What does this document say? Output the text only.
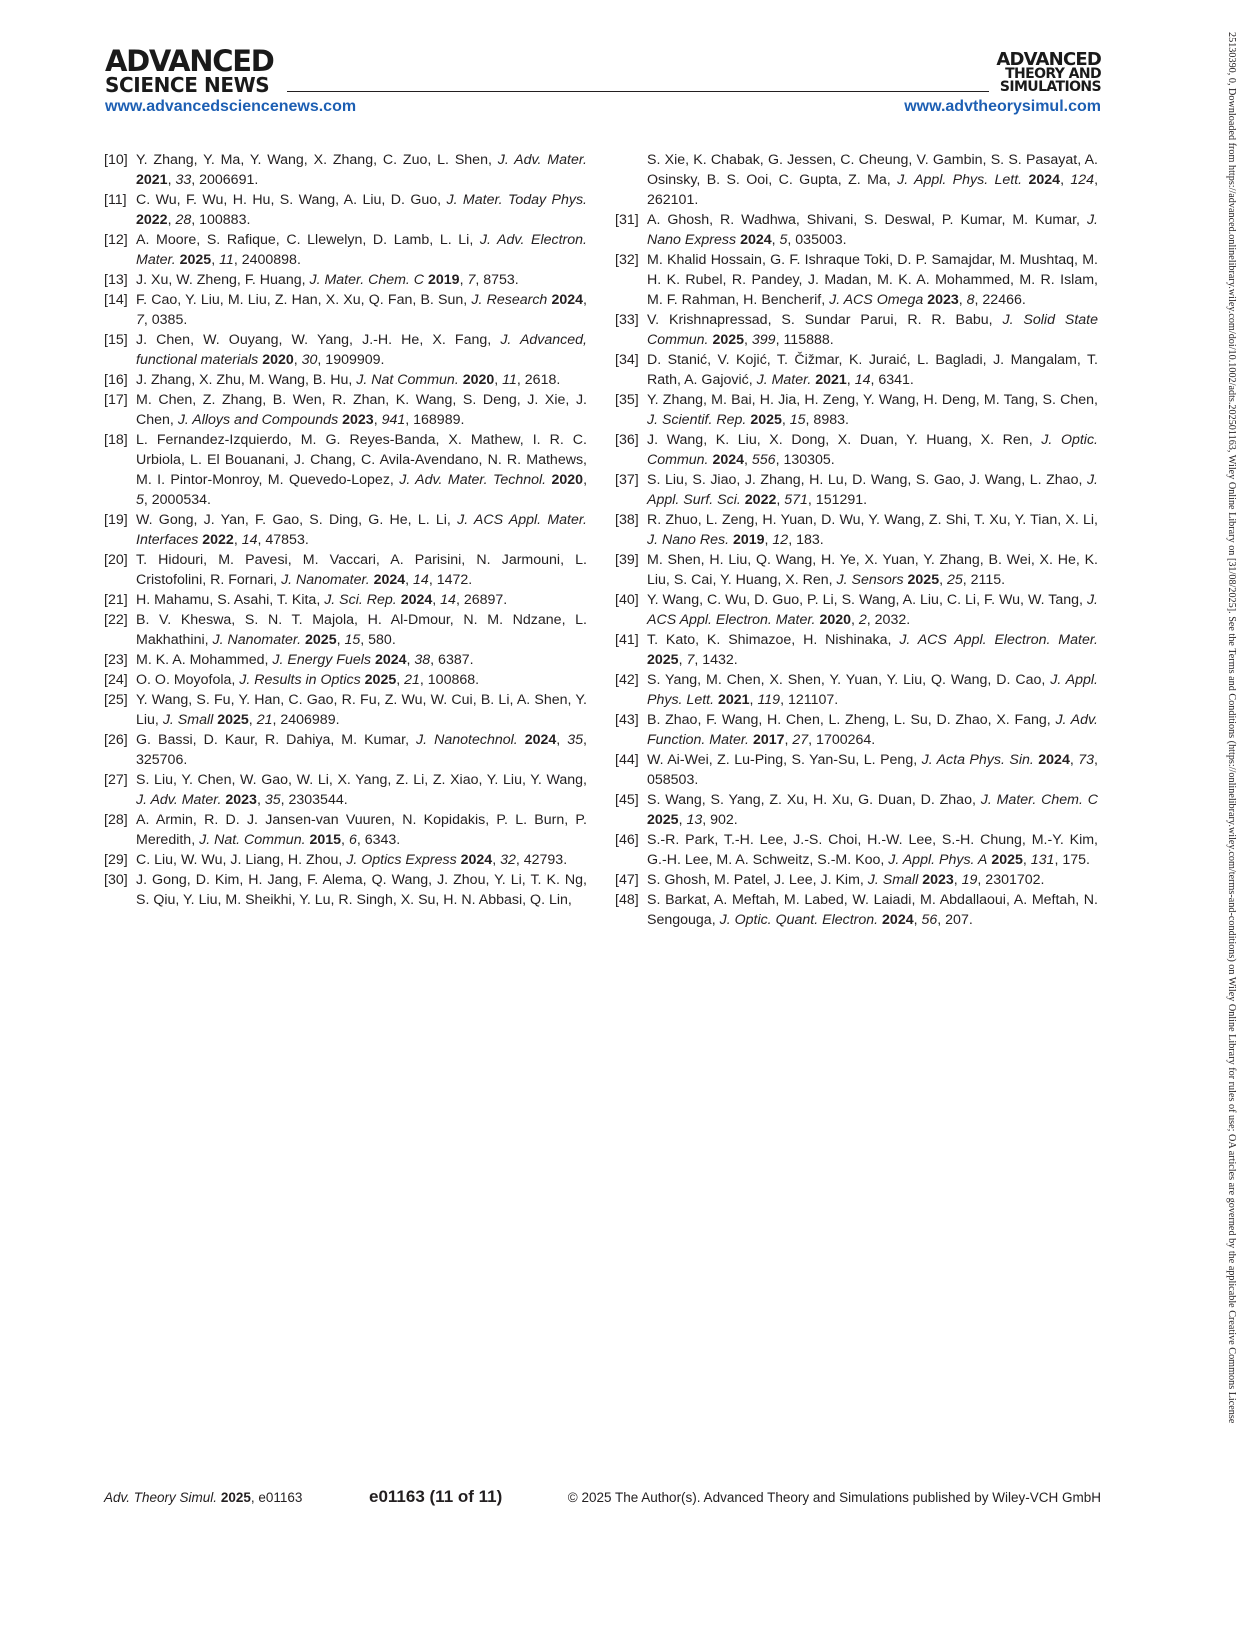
ADVANCED
SCIENCE NEWS
ADVANCED
THEORY AND
SIMULATIONS
www.advancedsciencenews.com	www.advtheorysimul.com
[10] Y. Zhang, Y. Ma, Y. Wang, X. Zhang, C. Zuo, L. Shen, J. Adv. Mater. 2021, 33, 2006691.
[11] C. Wu, F. Wu, H. Hu, S. Wang, A. Liu, D. Guo, J. Mater. Today Phys. 2022, 28, 100883.
[12] A. Moore, S. Rafique, C. Llewelyn, D. Lamb, L. Li, J. Adv. Electron. Mater. 2025, 11, 2400898.
[13] J. Xu, W. Zheng, F. Huang, J. Mater. Chem. C 2019, 7, 8753.
[14] F. Cao, Y. Liu, M. Liu, Z. Han, X. Xu, Q. Fan, B. Sun, J. Research 2024, 7, 0385.
[15] J. Chen, W. Ouyang, W. Yang, J.-H. He, X. Fang, J. Advanced, functional materials 2020, 30, 1909909.
[16] J. Zhang, X. Zhu, M. Wang, B. Hu, J. Nat Commun. 2020, 11, 2618.
[17] M. Chen, Z. Zhang, B. Wen, R. Zhan, K. Wang, S. Deng, J. Xie, J. Chen, J. Alloys and Compounds 2023, 941, 168989.
[18] L. Fernandez-Izquierdo, M. G. Reyes-Banda, X. Mathew, I. R. C. Urbiola, L. El Bouanani, J. Chang, C. Avila-Avendano, N. R. Mathews, M. I. Pintor-Monroy, M. Quevedo-Lopez, J. Adv. Mater. Technol. 2020, 5, 2000534.
[19] W. Gong, J. Yan, F. Gao, S. Ding, G. He, L. Li, J. ACS Appl. Mater. Interfaces 2022, 14, 47853.
[20] T. Hidouri, M. Pavesi, M. Vaccari, A. Parisini, N. Jarmouni, L. Cristofolini, R. Fornari, J. Nanomater. 2024, 14, 1472.
[21] H. Mahamu, S. Asahi, T. Kita, J. Sci. Rep. 2024, 14, 26897.
[22] B. V. Kheswa, S. N. T. Majola, H. Al-Dmour, N. M. Ndzane, L. Makhathini, J. Nanomater. 2025, 15, 580.
[23] M. K. A. Mohammed, J. Energy Fuels 2024, 38, 6387.
[24] O. O. Moyofola, J. Results in Optics 2025, 21, 100868.
[25] Y. Wang, S. Fu, Y. Han, C. Gao, R. Fu, Z. Wu, W. Cui, B. Li, A. Shen, Y. Liu, J. Small 2025, 21, 2406989.
[26] G. Bassi, D. Kaur, R. Dahiya, M. Kumar, J. Nanotechnol. 2024, 35, 325706.
[27] S. Liu, Y. Chen, W. Gao, W. Li, X. Yang, Z. Li, Z. Xiao, Y. Liu, Y. Wang, J. Adv. Mater. 2023, 35, 2303544.
[28] A. Armin, R. D. J. Jansen-van Vuuren, N. Kopidakis, P. L. Burn, P. Meredith, J. Nat. Commun. 2015, 6, 6343.
[29] C. Liu, W. Wu, J. Liang, H. Zhou, J. Optics Express 2024, 32, 42793.
[30] J. Gong, D. Kim, H. Jang, F. Alema, Q. Wang, J. Zhou, Y. Li, T. K. Ng, S. Qiu, Y. Liu, M. Sheikhi, Y. Lu, R. Singh, X. Su, H. N. Abbasi, Q. Lin,
S. Xie, K. Chabak, G. Jessen, C. Cheung, V. Gambin, S. S. Pasayat, A. Osinsky, B. S. Ooi, C. Gupta, Z. Ma, J. Appl. Phys. Lett. 2024, 124, 262101.
[31] A. Ghosh, R. Wadhwa, Shivani, S. Deswal, P. Kumar, M. Kumar, J. Nano Express 2024, 5, 035003.
[32] M. Khalid Hossain, G. F. Ishraque Toki, D. P. Samajdar, M. Mushtaq, M. H. K. Rubel, R. Pandey, J. Madan, M. K. A. Mohammed, M. R. Islam, M. F. Rahman, H. Bencherif, J. ACS Omega 2023, 8, 22466.
[33] V. Krishnapressad, S. Sundar Parui, R. R. Babu, J. Solid State Commun. 2025, 399, 115888.
[34] D. Stanić, V. Kojić, T. Čižmar, K. Juraić, L. Bagladi, J. Mangalam, T. Rath, A. Gajović, J. Mater. 2021, 14, 6341.
[35] Y. Zhang, M. Bai, H. Jia, H. Zeng, Y. Wang, H. Deng, M. Tang, S. Chen, J. Scientif. Rep. 2025, 15, 8983.
[36] J. Wang, K. Liu, X. Dong, X. Duan, Y. Huang, X. Ren, J. Optic. Commun. 2024, 556, 130305.
[37] S. Liu, S. Jiao, J. Zhang, H. Lu, D. Wang, S. Gao, J. Wang, L. Zhao, J. Appl. Surf. Sci. 2022, 571, 151291.
[38] R. Zhuo, L. Zeng, H. Yuan, D. Wu, Y. Wang, Z. Shi, T. Xu, Y. Tian, X. Li, J. Nano Res. 2019, 12, 183.
[39] M. Shen, H. Liu, Q. Wang, H. Ye, X. Yuan, Y. Zhang, B. Wei, X. He, K. Liu, S. Cai, Y. Huang, X. Ren, J. Sensors 2025, 25, 2115.
[40] Y. Wang, C. Wu, D. Guo, P. Li, S. Wang, A. Liu, C. Li, F. Wu, W. Tang, J. ACS Appl. Electron. Mater. 2020, 2, 2032.
[41] T. Kato, K. Shimazoe, H. Nishinaka, J. ACS Appl. Electron. Mater. 2025, 7, 1432.
[42] S. Yang, M. Chen, X. Shen, Y. Yuan, Y. Liu, Q. Wang, D. Cao, J. Appl. Phys. Lett. 2021, 119, 121107.
[43] B. Zhao, F. Wang, H. Chen, L. Zheng, L. Su, D. Zhao, X. Fang, J. Adv. Function. Mater. 2017, 27, 1700264.
[44] W. Ai-Wei, Z. Lu-Ping, S. Yan-Su, L. Peng, J. Acta Phys. Sin. 2024, 73, 058503.
[45] S. Wang, S. Yang, Z. Xu, H. Xu, G. Duan, D. Zhao, J. Mater. Chem. C 2025, 13, 902.
[46] S.-R. Park, T.-H. Lee, J.-S. Choi, H.-W. Lee, S.-H. Chung, M.-Y. Kim, G.-H. Lee, M. A. Schweitz, S.-M. Koo, J. Appl. Phys. A 2025, 131, 175.
[47] S. Ghosh, M. Patel, J. Lee, J. Kim, J. Small 2023, 19, 2301702.
[48] S. Barkat, A. Meftah, M. Labed, W. Laiadi, M. Abdallaoui, A. Meftah, N. Sengouga, J. Optic. Quant. Electron. 2024, 56, 207.	25130390, 0, Downloaded from https://advanced.onlinelibrary.wiley.com/doi/10.1002/adts.202501163, Wiley Online Library on [31/08/2025]. See the Terms and Conditions (https://onlinelibrary.wiley.com/terms-and-conditions) on Wiley Online Library for rules of use; OA articles are governed by the applicable Creative Commons License
Adv. Theory Simul. 2025, e01163	e01163 (11 of 11)	© 2025 The Author(s). Advanced Theory and Simulations published by Wiley-VCH GmbH
